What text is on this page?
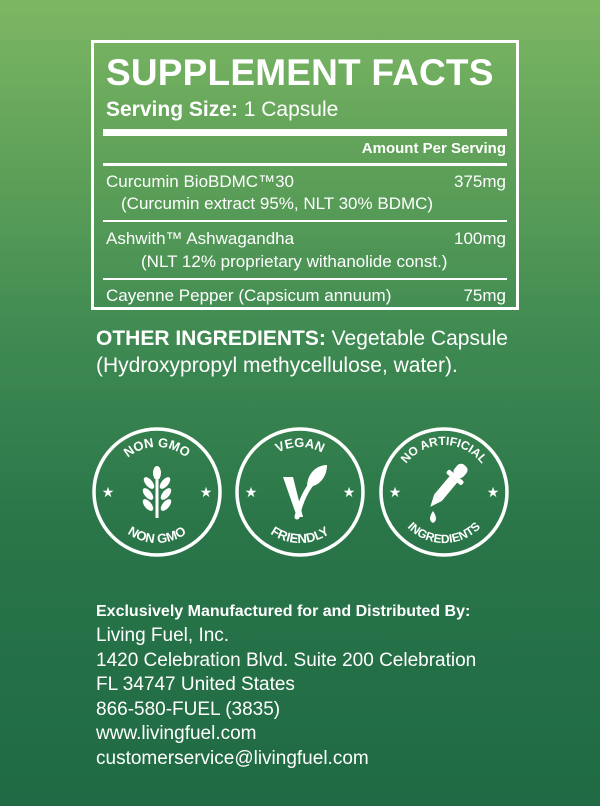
SUPPLEMENT FACTS
Serving Size: 1 Capsule
Amount Per Serving
Curcumin BioBDMC™30	375mg
(Curcumin extract 95%, NLT 30% BDMC)
Ashwith™ Ashwagandha	100mg
(NLT 12% proprietary withanolide const.)
Cayenne Pepper (Capsicum annuum)	75mg
OTHER INGREDIENTS: Vegetable Capsule (Hydroxypropyl methycellulose, water).
NON GMO
NON GMO
★	★
VEGAN
FRIENDLY
★	★
NO ARTIFICIAL
INGREDIENTS
★	★
Exclusively Manufactured for and Distributed By:
Living Fuel, Inc.
1420 Celebration Blvd. Suite 200 Celebration
FL 34747 United States
866-580-FUEL (3835)
www.livingfuel.com
customerservice@livingfuel.com
